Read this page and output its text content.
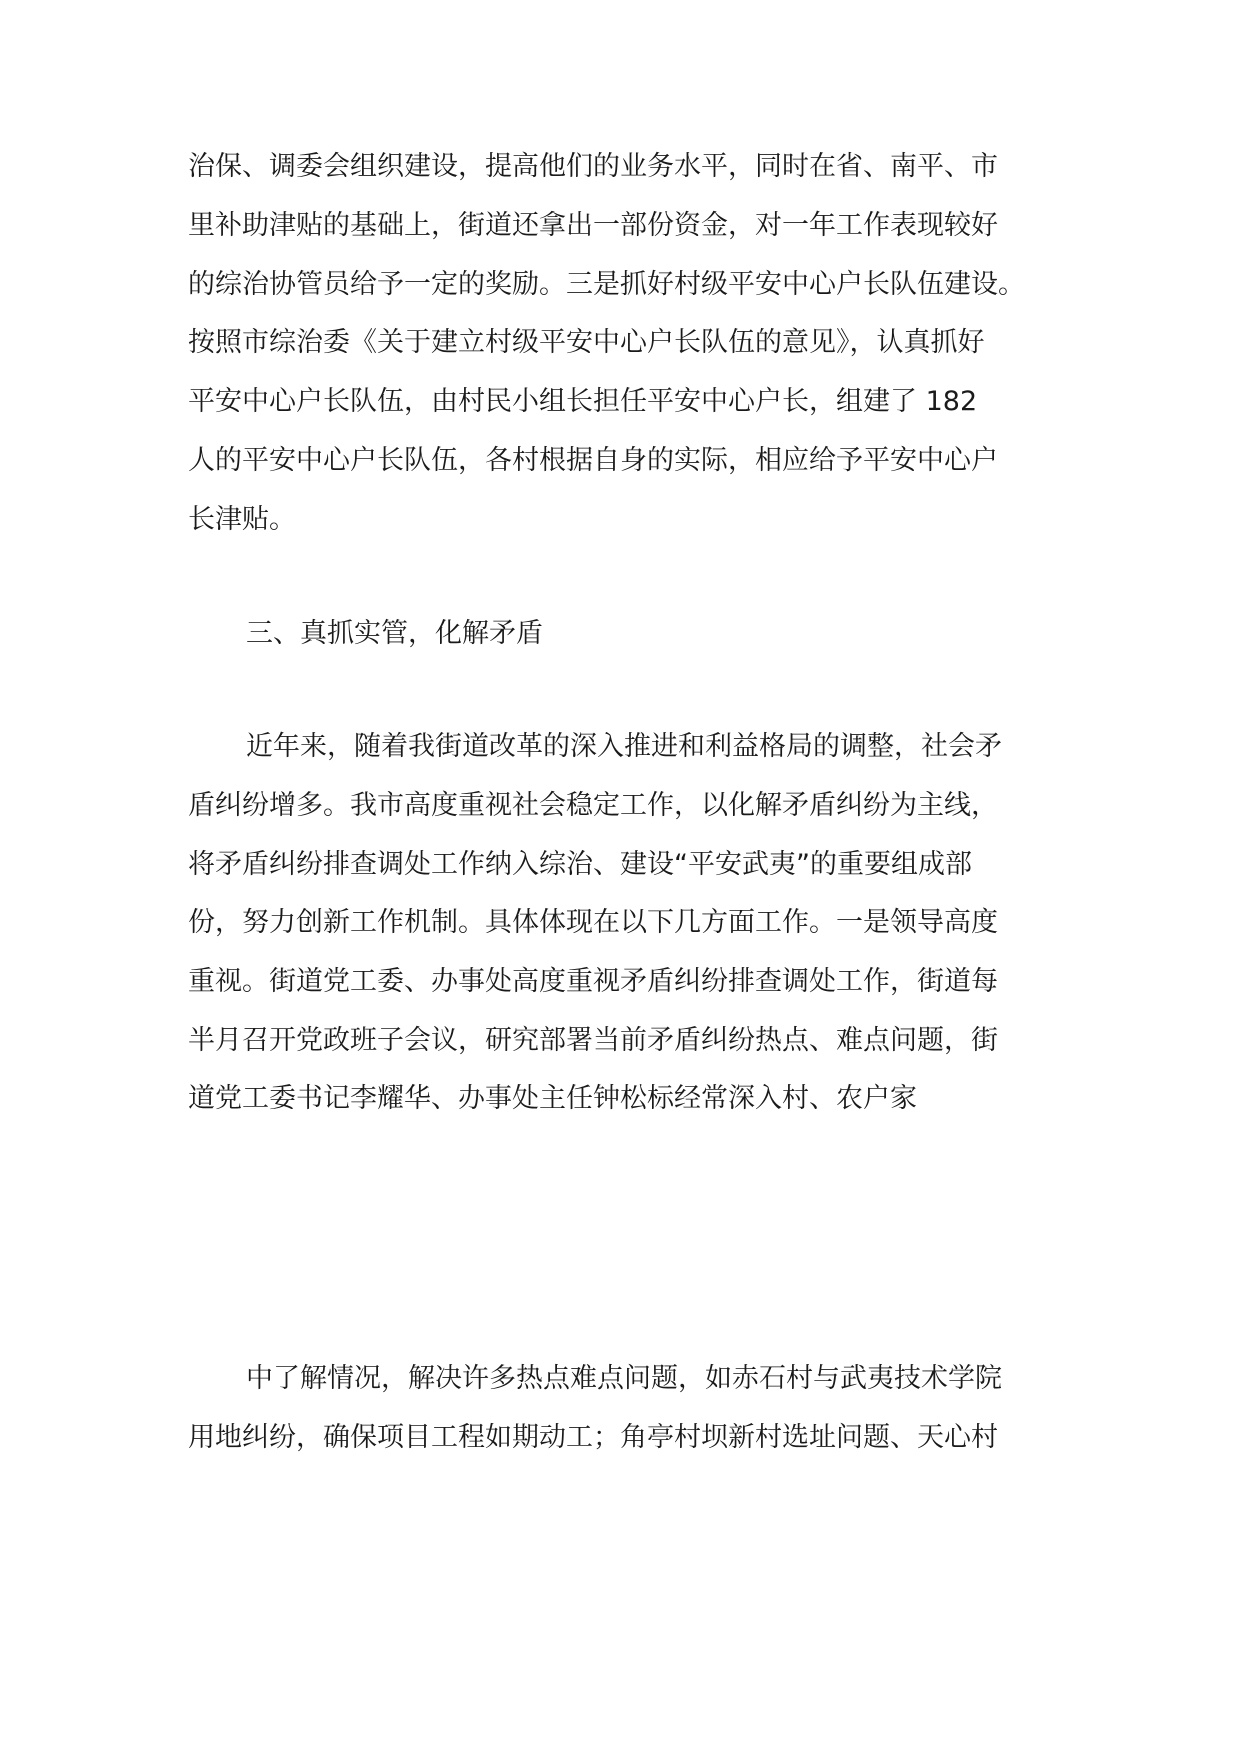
治保、调委会组织建设，提高他们的业务水平，同时在省、南平、市
里补助津贴的基础上，街道还拿出一部份资金，对一年工作表现较好
的综治协管员给予一定的奖励。三是抓好村级平安中心户长队伍建设。
按照市综治委《关于建立村级平安中心户长队伍的意见》，认真抓好
平安中心户长队伍，由村民小组长担任平安中心户长，组建了 182
人的平安中心户长队伍，各村根据自身的实际，相应给予平安中心户
长津贴。
三、真抓实管，化解矛盾
近年来，随着我街道改革的深入推进和利益格局的调整，社会矛
盾纠纷增多。我市高度重视社会稳定工作，以化解矛盾纠纷为主线，
将矛盾纠纷排查调处工作纳入综治、建设“平安武夷”的重要组成部
份，努力创新工作机制。具体体现在以下几方面工作。一是领导高度
重视。街道党工委、办事处高度重视矛盾纠纷排查调处工作，街道每
半月召开党政班子会议，研究部署当前矛盾纠纷热点、难点问题，街
道党工委书记李耀华、办事处主任钟松标经常深入村、农户家
中了解情况，解决许多热点难点问题，如赤石村与武夷技术学院
用地纠纷，确保项目工程如期动工；角亭村坝新村选址问题、天心村
